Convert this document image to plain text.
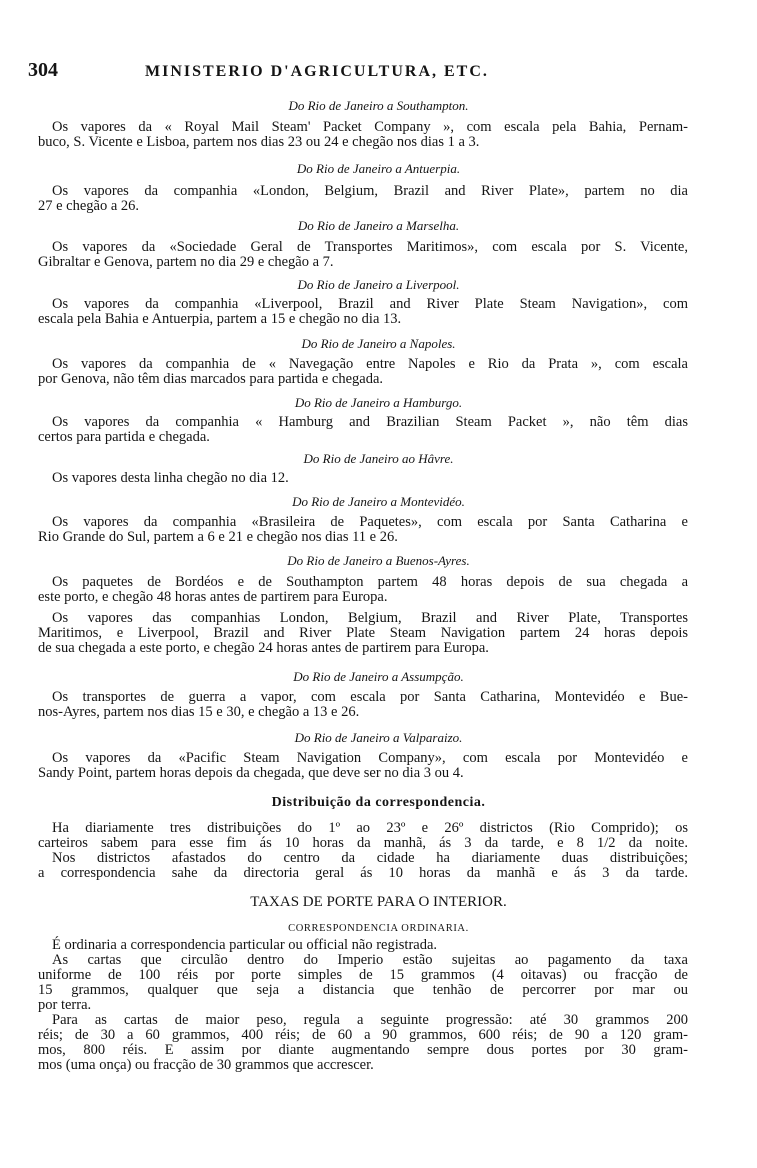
304	MINISTERIO D'AGRICULTURA, ETC.
Do Rio de Janeiro a Southampton.
Os vapores da « Royal Mail Steam' Packet Company », com escala pela Bahia, Pernam-
buco, S. Vicente e Lisboa, partem nos dias 23 ou 24 e chegão nos dias 1 a 3.
Do Rio de Janeiro a Antuerpia.
Os vapores da companhia «London, Belgium, Brazil and River Plate», partem no dia
27 e chegão a 26.
Do Rio de Janeiro a Marselha.
Os vapores da «Sociedade Geral de Transportes Maritimos», com escala por S. Vicente,
Gibraltar e Genova, partem no dia 29 e chegão a 7.
Do Rio de Janeiro a Liverpool.
Os vapores da companhia «Liverpool, Brazil and River Plate Steam Navigation», com
escala pela Bahia e Antuerpia, partem a 15 e chegão no dia 13.
Do Rio de Janeiro a Napoles.
Os vapores da companhia de « Navegação entre Napoles e Rio da Prata », com escala
por Genova, não têm dias marcados para partida e chegada.
Do Rio de Janeiro a Hamburgo.
Os vapores da companhia « Hamburg and Brazilian Steam Packet », não têm dias
certos para partida e chegada.
Do Rio de Janeiro ao Hâvre.
Os vapores desta linha chegão no dia 12.
Do Rio de Janeiro a Montevidéo.
Os vapores da companhia «Brasileira de Paquetes», com escala por Santa Catharina e
Rio Grande do Sul, partem a 6 e 21 e chegão nos dias 11 e 26.
Do Rio de Janeiro a Buenos-Ayres.
Os paquetes de Bordéos e de Southampton partem 48 horas depois de sua chegada a
este porto, e chegão 48 horas antes de partirem para Europa.
Os vapores das companhias London, Belgium, Brazil and River Plate, Transportes
Maritimos, e Liverpool, Brazil and River Plate Steam Navigation partem 24 horas depois
de sua chegada a este porto, e chegão 24 horas antes de partirem para Europa.
Do Rio de Janeiro a Assumpção.
Os transportes de guerra a vapor, com escala por Santa Catharina, Montevidéo e Bue-
nos-Ayres, partem nos dias 15 e 30, e chegão a 13 e 26.
Do Rio de Janeiro a Valparaizo.
Os vapores da «Pacific Steam Navigation Company», com escala por Montevidéo e
Sandy Point, partem horas depois da chegada, que deve ser no dia 3 ou 4.
Distribuição da correspondencia.
Ha diariamente tres distribuições do 1º ao 23º e 26º districtos (Rio Comprido); os
carteiros sabem para esse fim ás 10 horas da manhã, ás 3 da tarde, e 8 1/2 da noite.
Nos districtos afastados do centro da cidade ha diariamente duas distribuições;
a correspondencia sahe da directoria geral ás 10 horas da manhã e ás 3 da tarde.
TAXAS DE PORTE PARA O INTERIOR.
CORRESPONDENCIA ORDINARIA.
É ordinaria a correspondencia particular ou official não registrada.
As cartas que circulão dentro do Imperio estão sujeitas ao pagamento da taxa
uniforme de 100 réis por porte simples de 15 grammos (4 oitavas) ou fracção de
15 grammos, qualquer que seja a distancia que tenhão de percorrer por mar ou
por terra.
Para as cartas de maior peso, regula a seguinte progressão: até 30 grammos 200
réis; de 30 a 60 grammos, 400 réis; de 60 a 90 grammos, 600 réis; de 90 a 120 gram-
mos, 800 réis. E assim por diante augmentando sempre dous portes por 30 gram-
mos (uma onça) ou fracção de 30 grammos que accrescer.
